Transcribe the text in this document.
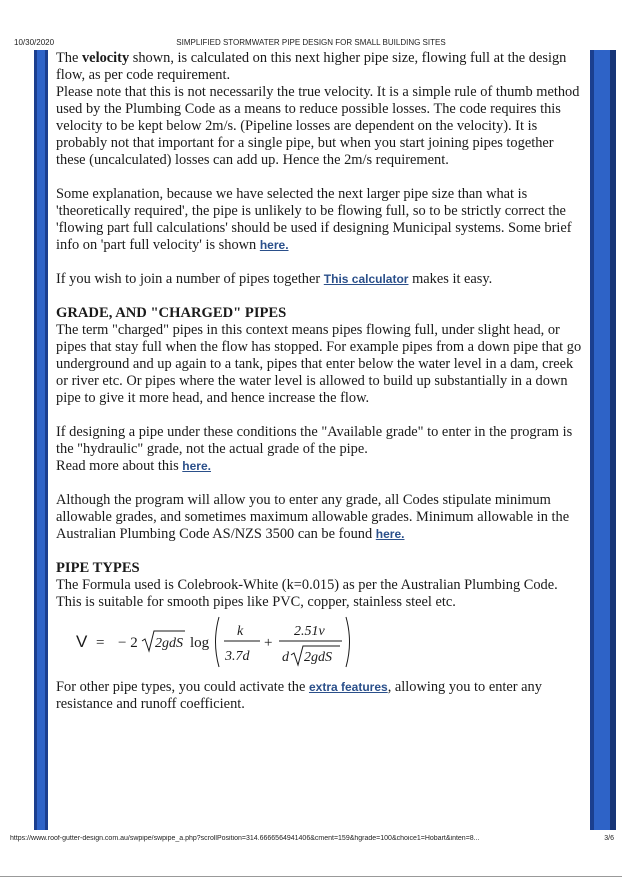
10/30/2020	SIMPLIFIED STORMWATER PIPE DESIGN FOR SMALL BUILDING SITES

The velocity shown, is calculated on this next higher pipe size, flowing full at the design flow, as per code requirement.

Please note that this is not necessarily the true velocity. It is a simple rule of thumb method used by the Plumbing Code as a means to reduce possible losses. The code requires this velocity to be kept below 2m/s. (Pipeline losses are dependent on the velocity). It is probably not that important for a single pipe, but when you start joining pipes together these (uncalculated) losses can add up. Hence the 2m/s requirement.

Some explanation, because we have selected the next larger pipe size than what is 'theoretically required', the pipe is unlikely to be flowing full, so to be strictly correct the 'flowing part full calculations' should be used if designing Municipal systems. Some brief info on 'part full velocity' is shown here.

If you wish to join a number of pipes together This calculator makes it easy.

GRADE, AND "CHARGED" PIPES

The term "charged" pipes in this context means pipes flowing full, under slight head, or pipes that stay full when the flow has stopped. For example pipes from a down pipe that go underground and up again to a tank, pipes that enter below the water level in a dam, creek or river etc. Or pipes where the water level is allowed to build up substantially in a down pipe to give it more head, and hence increase the flow.

If designing a pipe under these conditions the "Available grade" to enter in the program is the "hydraulic" grade, not the actual grade of the pipe.

Read more about this here.

Although the program will allow you to enter any grade, all Codes stipulate minimum allowable grades, and sometimes maximum allowable grades. Minimum allowable in the Australian Plumbing Code AS/NZS 3500 can be found here.

PIPE TYPES

The Formula used is Colebrook-White (k=0.015) as per the Australian Plumbing Code.

This is suitable for smooth pipes like PVC, copper, stainless steel etc.

V = − 2 2gdS log
k
3.7d
+
2.51ν
d 2gdS

For other pipe types, you could activate the extra features, allowing you to enter any resistance and runoff coefficient.

https://www.roof-gutter-design.com.au/swpipe/swpipe_a.php?scrollPosition=314.666656494140​6&cment=159&hgrade=100&choice1=Hobart&inten=8...	3/6
